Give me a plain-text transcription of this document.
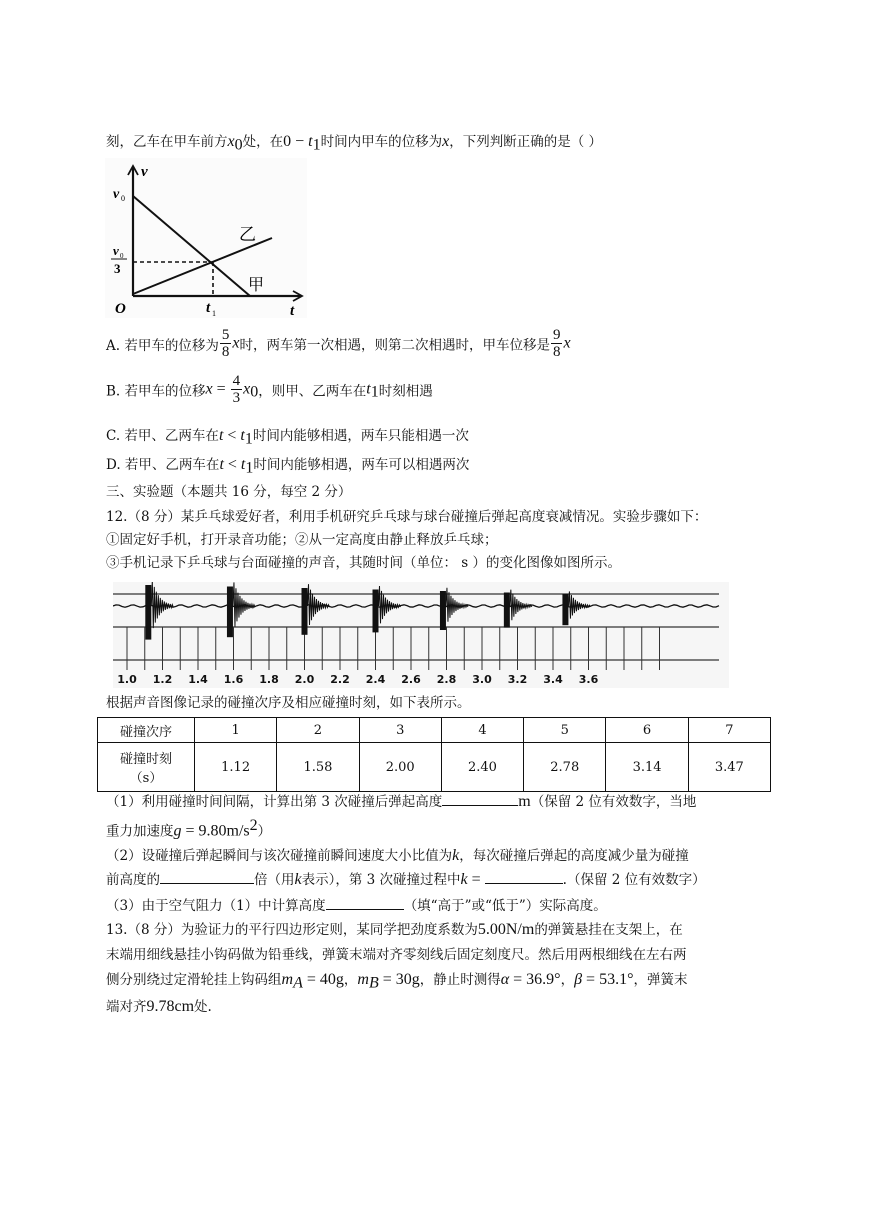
刻，乙车在甲车前方$x_0$处，在$0 - t_1$时间内甲车的位移为x，下列判断正确的是（ ）
v
t
O
v 0
v 0
3
t 1
乙
甲
A. 若甲车的位移为 $\frac{5}{8}$ x时，两车第一次相遇，则第二次相遇时，甲车位移是 $\frac{9}{8}$ x
B. 若甲车的位移$x = \frac{4}{3} x_0$，则甲、乙两车在$t_1$时刻相遇
C. 若甲、乙两车在$t < t_1$时间内能够相遇，两车只能相遇一次
D. 若甲、乙两车在$t < t_1$时间内能够相遇，两车可以相遇两次
三、实验题（本题共 16 分，每空 2 分）
12.（8 分）某乒乓球爱好者，利用手机研究乒乓球与球台碰撞后弹起高度衰减情况。实验步骤如下：
①固定好手机，打开录音功能；②从一定高度由静止释放乒乓球；
③手机记录下乒乓球与台面碰撞的声音，其随时间（单位： s ）的变化图像如图所示。
1.0 1.2 1.4 1.6 1.8 2.0 2.2 2.4 2.6 2.8 3.0 3.2 3.4 3.6
根据声音图像记录的碰撞次序及相应碰撞时刻，如下表所示。
碰撞次序	1	2	3	4	5	6	7

碰撞时刻
（s）	1.12	1.58	2.00	2.40	2.78	3.14	3.47
（1）利用碰撞时间间隔，计算出第 3 次碰撞后弹起高度	m（保留 2 位有效数字，当地
重力加速度$g = 9.80m/s^2$）
（2）设碰撞后弹起瞬间与该次碰撞前瞬间速度大小比值为k，每次碰撞后弹起的高度减少量为碰撞
前高度的	倍（用k表示），第 3 次碰撞过程中k =	.（保留 2 位有效数字）
（3）由于空气阻力（1）中计算高度	（填“高于”或“低于”）实际高度。
13.（8 分）为验证力的平行四边形定则，某同学把劲度系数为5.00N/m的弹簧悬挂在支架上，在
末端用细线悬挂小钩码做为铅垂线，弹簧末端对齐零刻线后固定刻度尺。然后用两根细线在左右两
侧分别绕过定滑轮挂上钩码组$m_A = 40g$，$m_B = 30g$，静止时测得α = 36.9°，β = 53.1°，弹簧末
端对齐9.78cm处.
